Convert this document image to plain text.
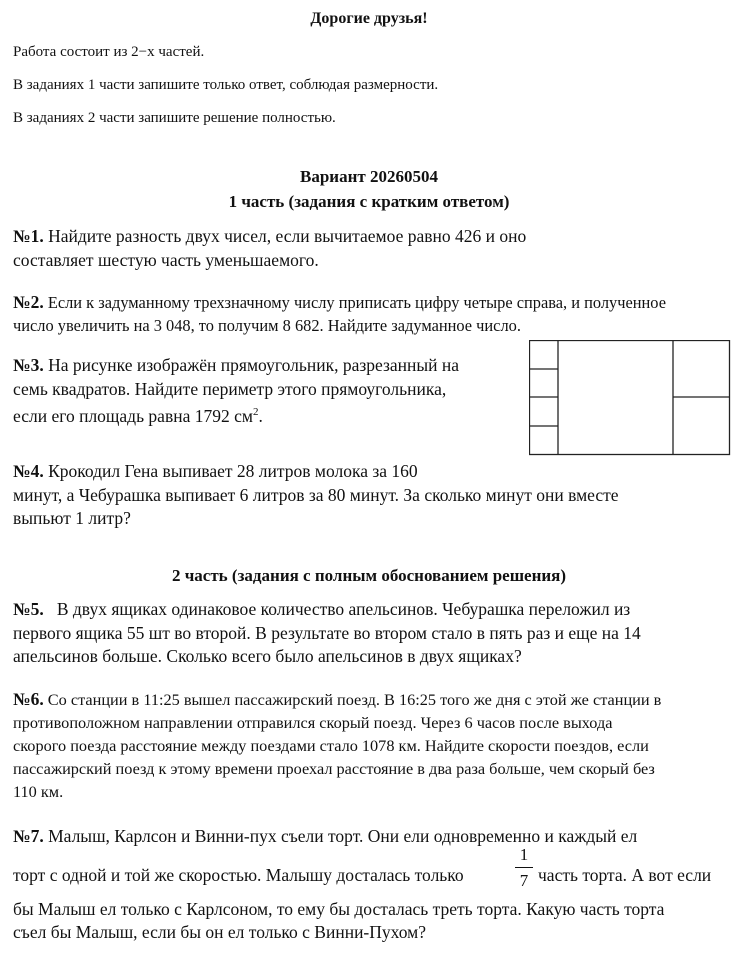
Дорогие друзья!
Работа состоит из 2−х частей.
В заданиях 1 части запишите только ответ, соблюдая размерности.
В заданиях 2 части запишите решение полностью.
Вариант 20260504
1 часть (задания с кратким ответом)
№1. Найдите разность двух чисел, если вычитаемое равно 426 и оно
составляет шестую часть уменьшаемого.
№2. Если к задуманному трехзначному числу приписать цифру четыре справа, и полученное
число увеличить на 3 048, то получим 8 682. Найдите задуманное число.
№3. На рисунке изображён прямоугольник, разрезанный на
семь квадратов. Найдите периметр этого прямоугольника,
если его площадь равна 1792 $см^2$.
№4. Крокодил Гена выпивает 28 литров молока за 160
минут, а Чебурашка выпивает 6 литров за 80 минут. За сколько минут они вместе
выпьют 1 литр?
2 часть (задания с полным обоснованием решения)
№5. В двух ящиках одинаковое количество апельсинов. Чебурашка переложил из
первого ящика 55 шт во второй. В результате во втором стало в пять раз и еще на 14
апельсинов больше. Сколько всего было апельсинов в двух ящиках?
№6. Со станции в 11:25 вышел пассажирский поезд. В 16:25 того же дня с этой же станции в
противоположном направлении отправился скорый поезд. Через 6 часов после выхода
скорого поезда расстояние между поездами стало 1078 км. Найдите скорости поездов, если
пассажирский поезд к этому времени проехал расстояние в два раза больше, чем скорый без
110 км.
№7. Малыш, Карлсон и Винни-пух съели торт. Они ели одновременно и каждый ел
торт с одной и той же скоростью. Малышу досталась только
1
7 часть торта. А вот если
бы Малыш ел только с Карлсоном, то ему бы досталась треть торта. Какую часть торта
съел бы Малыш, если бы он ел только с Винни-Пухом?
